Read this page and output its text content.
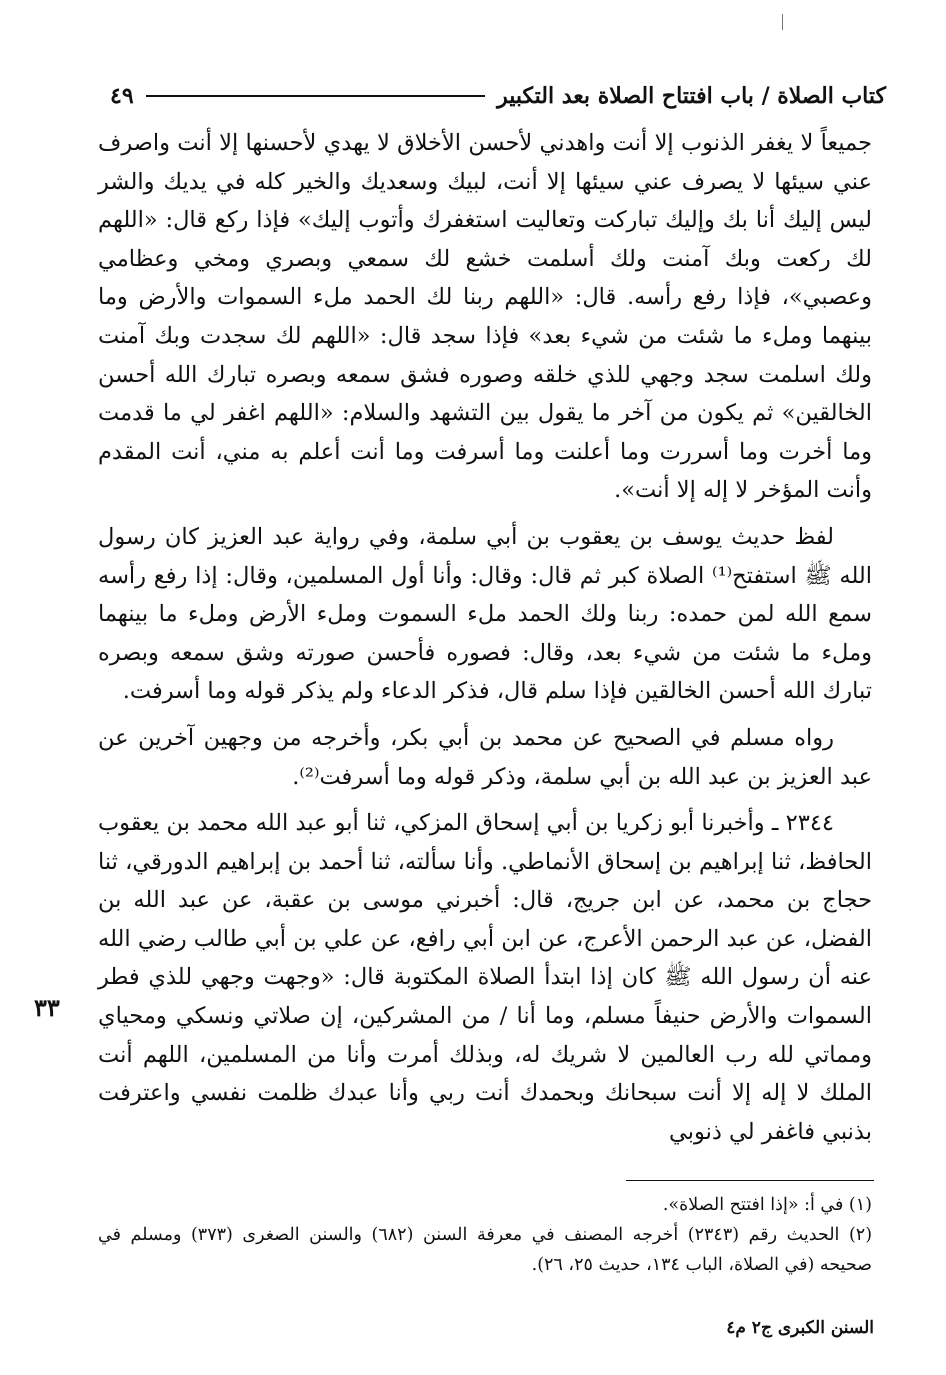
كتاب الصلاة / باب افتتاح الصلاة بعد التكبير
٤٩

جميعاً لا يغفر الذنوب إلا أنت واهدني لأحسن الأخلاق لا يهدي لأحسنها إلا أنت واصرف عني سيئها لا يصرف عني سيئها إلا أنت، لبيك وسعديك والخير كله في يديك والشر ليس إليك أنا بك وإليك تباركت وتعاليت استغفرك وأتوب إليك» فإذا ركع قال: «اللهم لك ركعت وبك آمنت ولك أسلمت خشع لك سمعي وبصري ومخي وعظامي وعصبي»، فإذا رفع رأسه. قال: «اللهم ربنا لك الحمد ملء السموات والأرض وما بينهما وملء ما شئت من شيء بعد» فإذا سجد قال: «اللهم لك سجدت وبك آمنت ولك اسلمت سجد وجهي للذي خلقه وصوره فشق سمعه وبصره تبارك الله أحسن الخالقين» ثم يكون من آخر ما يقول بين التشهد والسلام: «اللهم اغفر لي ما قدمت وما أخرت وما أسررت وما أعلنت وما أسرفت وما أنت أعلم به مني، أنت المقدم وأنت المؤخر لا إله إلا أنت».

لفظ حديث يوسف بن يعقوب بن أبي سلمة، وفي رواية عبد العزيز كان رسول الله ﷺ استفتح⁽¹⁾ الصلاة كبر ثم قال: وقال: وأنا أول المسلمين، وقال: إذا رفع رأسه سمع الله لمن حمده: ربنا ولك الحمد ملء السموت وملء الأرض وملء ما بينهما وملء ما شئت من شيء بعد، وقال: فصوره فأحسن صورته وشق سمعه وبصره تبارك الله أحسن الخالقين فإذا سلم قال، فذكر الدعاء ولم يذكر قوله وما أسرفت.

رواه مسلم في الصحيح عن محمد بن أبي بكر، وأخرجه من وجهين آخرين عن عبد العزيز بن عبد الله بن أبي سلمة، وذكر قوله وما أسرفت⁽²⁾.

٢٣٤٤ ـ وأخبرنا أبو زكريا بن أبي إسحاق المزكي، ثنا أبو عبد الله محمد بن يعقوب الحافظ، ثنا إبراهيم بن إسحاق الأنماطي. وأنا سألته، ثنا أحمد بن إبراهيم الدورقي، ثنا حجاج بن محمد، عن ابن جريج، قال: أخبرني موسى بن عقبة، عن عبد الله بن الفضل، عن عبد الرحمن الأعرج، عن ابن أبي رافع، عن علي بن أبي طالب رضي الله عنه أن رسول الله ﷺ كان إذا ابتدأ الصلاة المكتوبة قال: «وجهت وجهي للذي فطر السموات والأرض حنيفاً مسلم، وما أنا / من المشركين، إن صلاتي ونسكي ومحياي ومماتي لله رب العالمين لا شريك له، وبذلك أمرت وأنا من المسلمين، اللهم أنت الملك لا إله إلا أنت سبحانك وبحمدك أنت ربي وأنا عبدك ظلمت نفسي واعترفت بذنبي فاغفر لي ذنوبي

٣٣

(١) في أ: «إذا افتتح الصلاة».

(٢) الحديث رقم (٢٣٤٣) أخرجه المصنف في معرفة السنن (٦٨٢) والسنن الصغرى (٣٧٣) ومسلم في صحيحه (في الصلاة، الباب ١٣٤، حديث ٢٥، ٢٦).

السنن الكبرى ج٢ م٤
